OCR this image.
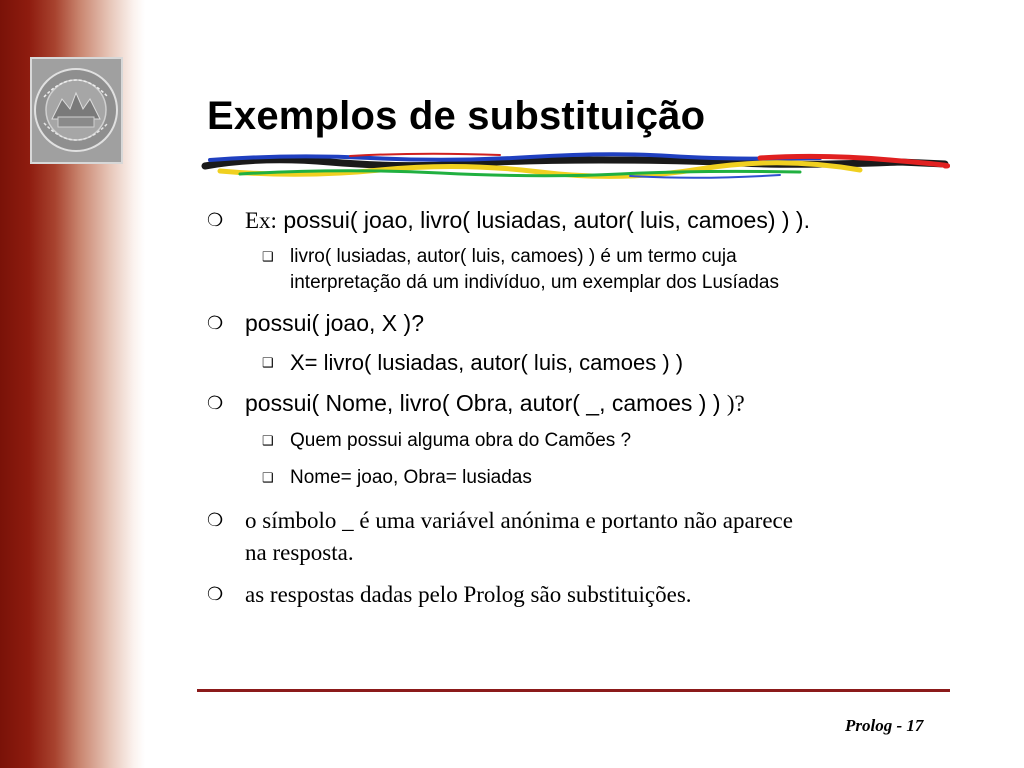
Exemplos de substituição
❍ Ex: possui( joao, livro( lusiadas, autor( luis, camoes) ) ).
❑ livro( lusiadas, autor( luis, camoes) ) é um termo cuja
interpretação dá um indivíduo, um exemplar dos Lusíadas
❍ possui( joao, X )?
❑ X= livro( lusiadas, autor( luis, camoes ) )
❍ possui( Nome, livro( Obra, autor( _, camoes ) ) )?
❑ Quem possui alguma obra do Camões ?
❑ Nome= joao, Obra= lusiadas
❍ o símbolo _ é uma variável anónima e portanto não aparece
na resposta.
❍ as respostas dadas pelo Prolog são substituições.
Prolog - 17
